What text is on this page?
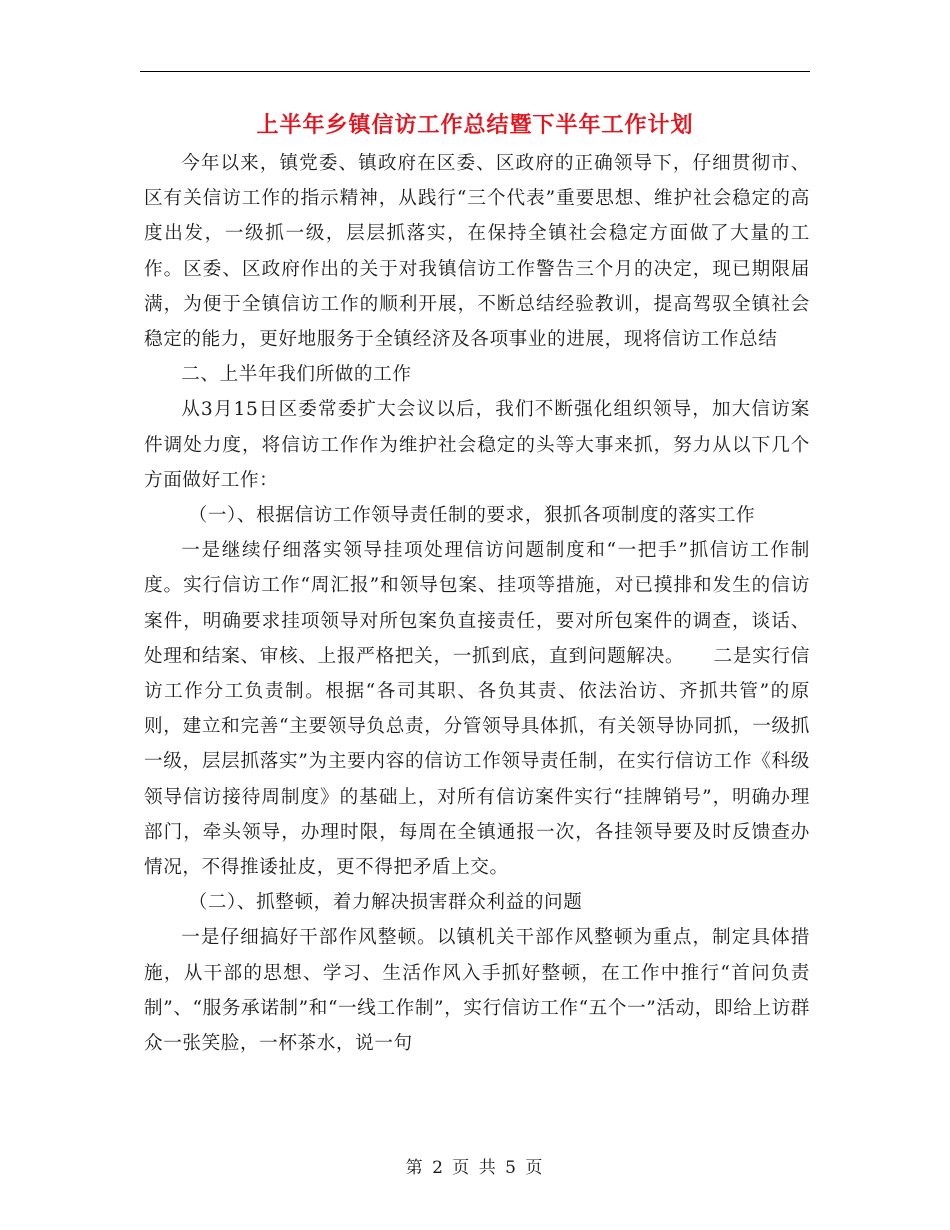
上半年乡镇信访工作总结暨下半年工作计划

今年以来，镇党委、镇政府在区委、区政府的正确领导下，仔细贯彻市、区有关信访工作的指示精神，从践行“三个代表”重要思想、维护社会稳定的高度出发，一级抓一级，层层抓落实，在保持全镇社会稳定方面做了大量的工作。区委、区政府作出的关于对我镇信访工作警告三个月的决定，现已期限届满，为便于全镇信访工作的顺利开展，不断总结经验教训，提高驾驭全镇社会稳定的能力，更好地服务于全镇经济及各项事业的进展，现将信访工作总结

二、上半年我们所做的工作

从3月15日区委常委扩大会议以后，我们不断强化组织领导，加大信访案件调处力度，将信访工作作为维护社会稳定的头等大事来抓，努力从以下几个方面做好工作：

（一）、根据信访工作领导责任制的要求，狠抓各项制度的落实工作

一是继续仔细落实领导挂项处理信访问题制度和“一把手”抓信访工作制度。实行信访工作“周汇报”和领导包案、挂项等措施，对已摸排和发生的信访案件，明确要求挂项领导对所包案负直接责任，要对所包案件的调查，谈话、处理和结案、审核、上报严格把关，一抓到底，直到问题解决。　　二是实行信访工作分工负责制。根据“各司其职、各负其责、依法治访、齐抓共管”的原则，建立和完善“主要领导负总责，分管领导具体抓，有关领导协同抓，一级抓一级，层层抓落实”为主要内容的信访工作领导责任制，在实行信访工作《科级领导信访接待周制度》的基础上，对所有信访案件实行“挂牌销号”，明确办理部门，牵头领导，办理时限，每周在全镇通报一次，各挂领导要及时反馈查办情况，不得推诿扯皮，更不得把矛盾上交。

（二）、抓整顿，着力解决损害群众利益的问题

一是仔细搞好干部作风整顿。以镇机关干部作风整顿为重点，制定具体措施，从干部的思想、学习、生活作风入手抓好整顿，在工作中推行“首问负责制”、“服务承诺制”和“一线工作制”，实行信访工作“五个一”活动，即给上访群众一张笑脸，一杯茶水，说一句

第 2 页 共 5 页
